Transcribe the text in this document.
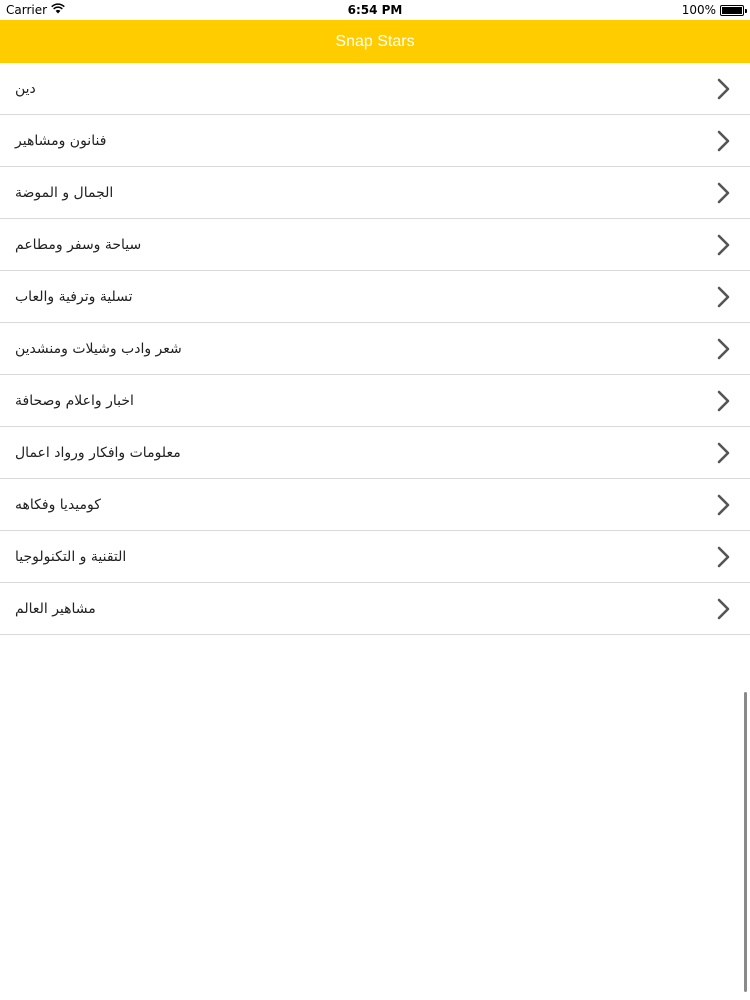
Carrier	6:54 PM	100%
Snap Stars
دين
فنانون ومشاهير
الجمال و الموضة
سياحة وسفر ومطاعم
تسلية وترفية والعاب
شعر وادب وشيلات ومنشدين
اخبار واعلام وصحافة
معلومات وافكار ورواد اعمال
كوميديا وفكاهه
التقنية و التكنولوجيا
مشاهير العالم
